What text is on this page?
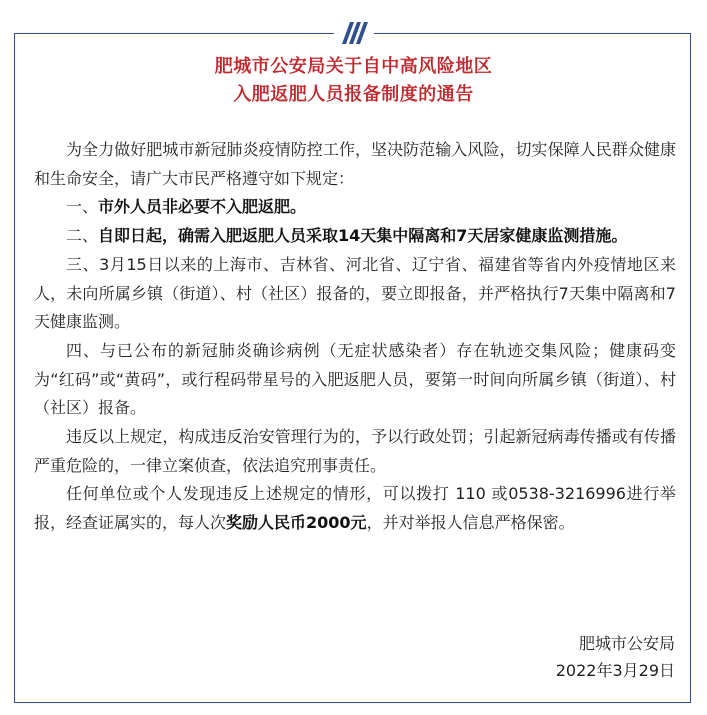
肥城市公安局关于自中高风险地区
入肥返肥人员报备制度的通告

为全力做好肥城市新冠肺炎疫情防控工作，坚决防范输入风险，切实保障人民群众健康和生命安全，请广大市民严格遵守如下规定：

一、市外人员非必要不入肥返肥。

二、自即日起，确需入肥返肥人员采取14天集中隔离和7天居家健康监测措施。

三、3月15日以来的上海市、吉林省、河北省、辽宁省、福建省等省内外疫情地区来人，未向所属乡镇（街道）、村（社区）报备的，要立即报备，并严格执行7天集中隔离和7天健康监测。

四、与已公布的新冠肺炎确诊病例（无症状感染者）存在轨迹交集风险；健康码变为“红码”或“黄码”，或行程码带星号的入肥返肥人员，要第一时间向所属乡镇（街道）、村（社区）报备。

违反以上规定，构成违反治安管理行为的，予以行政处罚；引起新冠病毒传播或有传播严重危险的，一律立案侦查，依法追究刑事责任。

任何单位或个人发现违反上述规定的情形，可以拨打 110 或0538-3216996进行举报，经查证属实的，每人次奖励人民币2000元，并对举报人信息严格保密。

肥城市公安局
2022年3月29日
